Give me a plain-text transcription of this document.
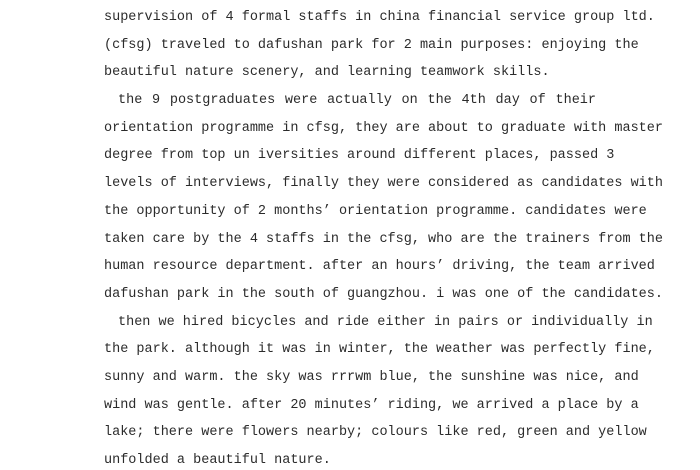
supervision of 4 formal staffs in china financial service group ltd.
(cfsg) traveled to dafushan park for 2 main purposes: enjoying the
beautiful nature scenery, and learning teamwork skills.
the 9 postgraduates were actually on the 4th day of their
orientation programme in cfsg, they are about to graduate with master
degree from top un iversities around different places, passed 3
levels of interviews, finally they were considered as candidates with
the opportunity of 2 months’ orientation programme. candidates were
taken care by the 4 staffs in the cfsg, who are the trainers from the
human resource department. after an hours’ driving, the team arrived
dafushan park in the south of guangzhou. i was one of the candidates.
then we hired bicycles and ride either in pairs or individually in
the park. although it was in winter, the weather was perfectly fine,
sunny and warm. the sky was rrrwm blue, the sunshine was nice, and
wind was gentle. after 20 minutes’ riding, we arrived a place by a
lake; there were flowers nearby; colours like red, green and yellow
unfolded a beautiful nature.
